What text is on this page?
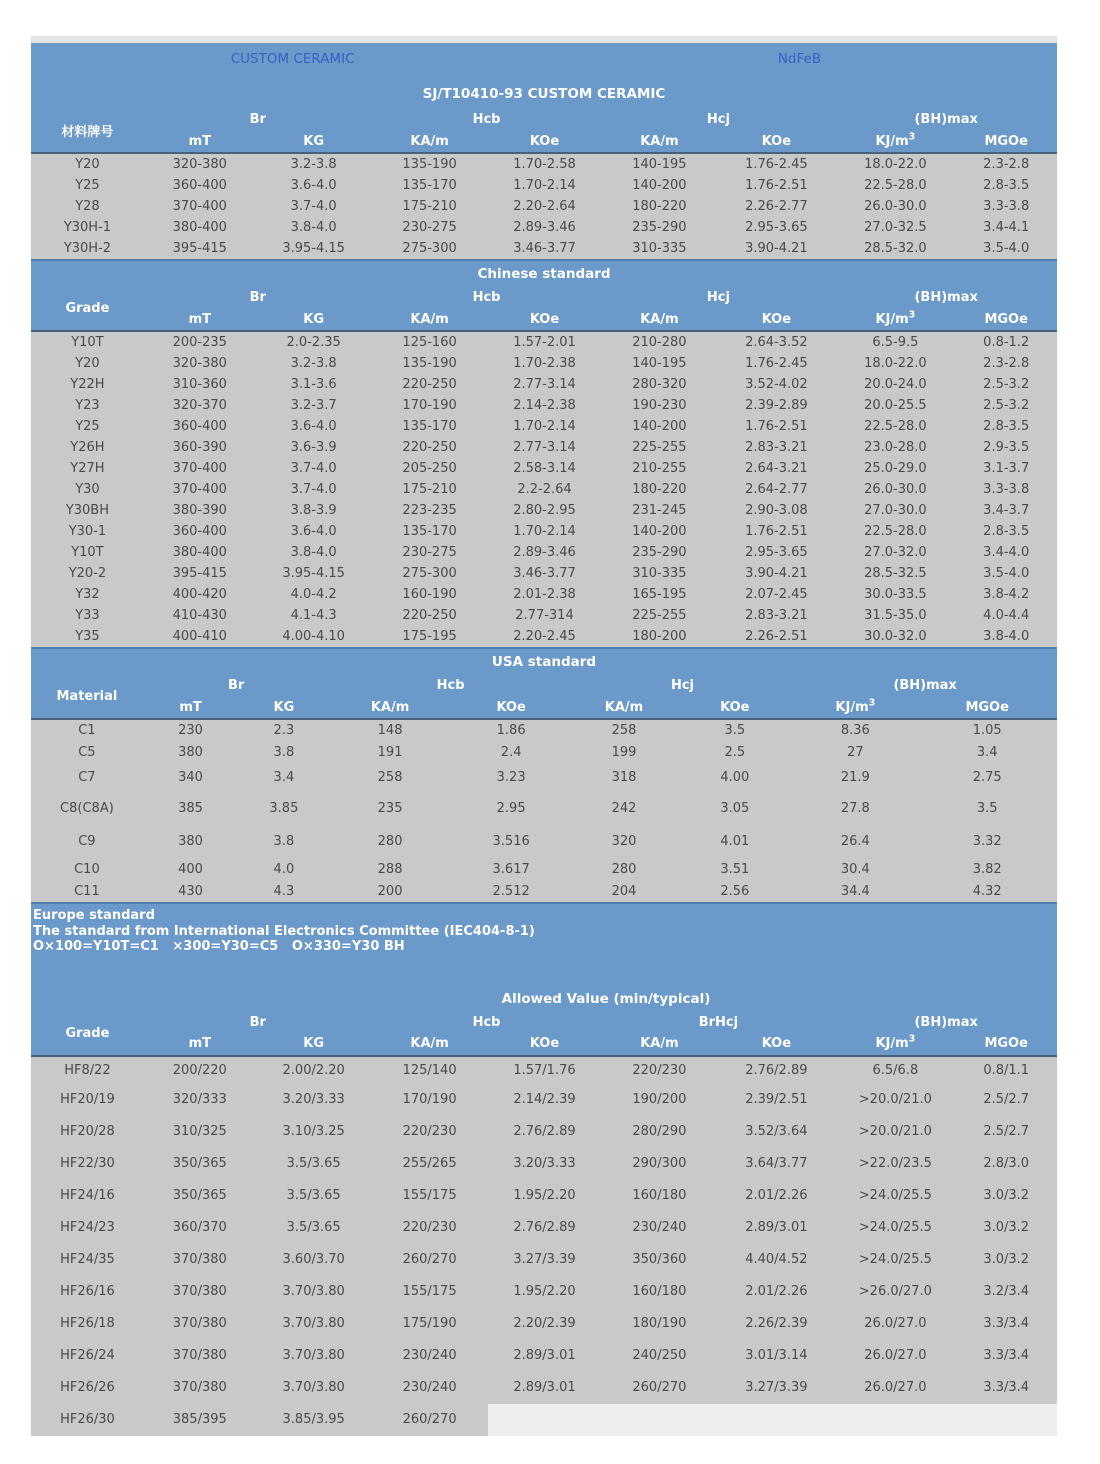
CUSTOM CERAMIC	NdFeB
SJ/T10410-93 CUSTOM CERAMIC
材料牌号	Br		Hcb		Hcj		(BH)max	
	mT	KG	KA/m	KOe	KA/m	KOe	$KJ/m^3$	MGOe
Y20	320-380	3.2-3.8	135-190	1.70-2.58	140-195	1.76-2.45	18.0-22.0	2.3-2.8
Y25	360-400	3.6-4.0	135-170	1.70-2.14	140-200	1.76-2.51	22.5-28.0	2.8-3.5
Y28	370-400	3.7-4.0	175-210	2.20-2.64	180-220	2.26-2.77	26.0-30.0	3.3-3.8
Y30H-1	380-400	3.8-4.0	230-275	2.89-3.46	235-290	2.95-3.65	27.0-32.5	3.4-4.1
Y30H-2	395-415	3.95-4.15	275-300	3.46-3.77	310-335	3.90-4.21	28.5-32.0	3.5-4.0
Chinese standard
Grade	Br		Hcb		Hcj		(BH)max	
	mT	KG	KA/m	KOe	KA/m	KOe	$KJ/m^3$	MGOe
Y10T	200-235	2.0-2.35	125-160	1.57-2.01	210-280	2.64-3.52	6.5-9.5	0.8-1.2
Y20	320-380	3.2-3.8	135-190	1.70-2.38	140-195	1.76-2.45	18.0-22.0	2.3-2.8
Y22H	310-360	3.1-3.6	220-250	2.77-3.14	280-320	3.52-4.02	20.0-24.0	2.5-3.2
Y23	320-370	3.2-3.7	170-190	2.14-2.38	190-230	2.39-2.89	20.0-25.5	2.5-3.2
Y25	360-400	3.6-4.0	135-170	1.70-2.14	140-200	1.76-2.51	22.5-28.0	2.8-3.5
Y26H	360-390	3.6-3.9	220-250	2.77-3.14	225-255	2.83-3.21	23.0-28.0	2.9-3.5
Y27H	370-400	3.7-4.0	205-250	2.58-3.14	210-255	2.64-3.21	25.0-29.0	3.1-3.7
Y30	370-400	3.7-4.0	175-210	2.2-2.64	180-220	2.64-2.77	26.0-30.0	3.3-3.8
Y30BH	380-390	3.8-3.9	223-235	2.80-2.95	231-245	2.90-3.08	27.0-30.0	3.4-3.7
Y30-1	360-400	3.6-4.0	135-170	1.70-2.14	140-200	1.76-2.51	22.5-28.0	2.8-3.5
Y10T	380-400	3.8-4.0	230-275	2.89-3.46	235-290	2.95-3.65	27.0-32.0	3.4-4.0
Y20-2	395-415	3.95-4.15	275-300	3.46-3.77	310-335	3.90-4.21	28.5-32.5	3.5-4.0
Y32	400-420	4.0-4.2	160-190	2.01-2.38	165-195	2.07-2.45	30.0-33.5	3.8-4.2
Y33	410-430	4.1-4.3	220-250	2.77-314	225-255	2.83-3.21	31.5-35.0	4.0-4.4
Y35	400-410	4.00-4.10	175-195	2.20-2.45	180-200	2.26-2.51	30.0-32.0	3.8-4.0
USA standard
Material	Br		Hcb		Hcj		(BH)max	
	mT	KG	KA/m	KOe	KA/m	KOe	$KJ/m^3$	MGOe
C1	230	2.3	148	1.86	258	3.5	8.36	1.05
C5	380	3.8	191	2.4	199	2.5	27	3.4
C7	340	3.4	258	3.23	318	4.00	21.9	2.75
C8(C8A)	385	3.85	235	2.95	242	3.05	27.8	3.5
C9	380	3.8	280	3.516	320	4.01	26.4	3.32
C10	400	4.0	288	3.617	280	3.51	30.4	3.82
C11	430	4.3	200	2.512	204	2.56	34.4	4.32
Europe standard
The standard from International Electronics Committee (IEC404-8-1)
O×100=Y10T=C1   ×300=Y30=C5   O×330=Y30 BH
Allowed Value (min/typical)
Grade	Br		Hcb		BrHcj		(BH)max	
	mT	KG	KA/m	KOe	KA/m	KOe	$KJ/m^3$	MGOe
HF8/22	200/220	2.00/2.20	125/140	1.57/1.76	220/230	2.76/2.89	6.5/6.8	0.8/1.1
HF20/19	320/333	3.20/3.33	170/190	2.14/2.39	190/200	2.39/2.51	>20.0/21.0	2.5/2.7
HF20/28	310/325	3.10/3.25	220/230	2.76/2.89	280/290	3.52/3.64	>20.0/21.0	2.5/2.7
HF22/30	350/365	3.5/3.65	255/265	3.20/3.33	290/300	3.64/3.77	>22.0/23.5	2.8/3.0
HF24/16	350/365	3.5/3.65	155/175	1.95/2.20	160/180	2.01/2.26	>24.0/25.5	3.0/3.2
HF24/23	360/370	3.5/3.65	220/230	2.76/2.89	230/240	2.89/3.01	>24.0/25.5	3.0/3.2
HF24/35	370/380	3.60/3.70	260/270	3.27/3.39	350/360	4.40/4.52	>24.0/25.5	3.0/3.2
HF26/16	370/380	3.70/3.80	155/175	1.95/2.20	160/180	2.01/2.26	>26.0/27.0	3.2/3.4
HF26/18	370/380	3.70/3.80	175/190	2.20/2.39	180/190	2.26/2.39	26.0/27.0	3.3/3.4
HF26/24	370/380	3.70/3.80	230/240	2.89/3.01	240/250	3.01/3.14	26.0/27.0	3.3/3.4
HF26/26	370/380	3.70/3.80	230/240	2.89/3.01	260/270	3.27/3.39	26.0/27.0	3.3/3.4
HF26/30	385/395	3.85/3.95	260/270					
